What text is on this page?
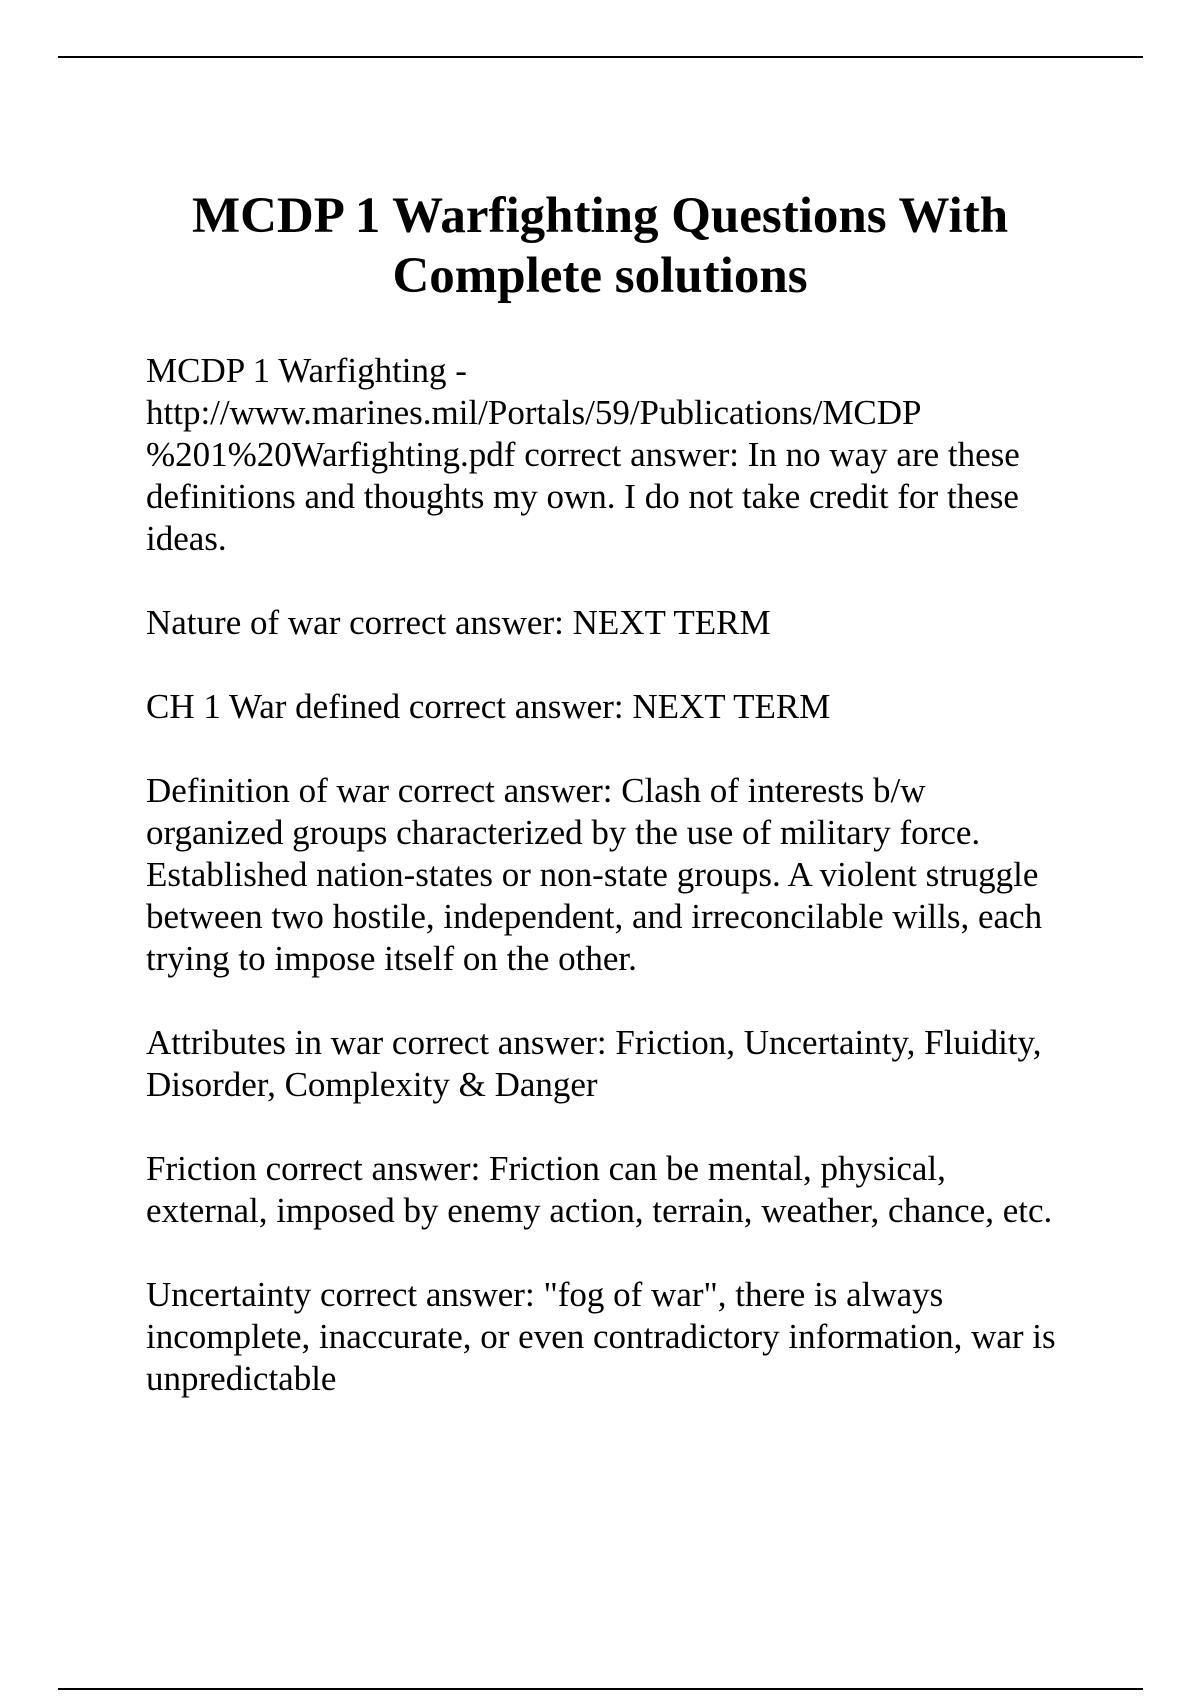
MCDP 1 Warfighting Questions With
Complete solutions

MCDP 1 Warfighting -
http://www.marines.mil/Portals/59/Publications/MCDP
%201%20Warfighting.pdf correct answer: In no way are these
definitions and thoughts my own. I do not take credit for these
ideas.

Nature of war correct answer: NEXT TERM

CH 1 War defined correct answer: NEXT TERM

Definition of war correct answer: Clash of interests b/w
organized groups characterized by the use of military force.
Established nation-states or non-state groups. A violent struggle
between two hostile, independent, and irreconcilable wills, each
trying to impose itself on the other.

Attributes in war correct answer: Friction, Uncertainty, Fluidity,
Disorder, Complexity & Danger

Friction correct answer: Friction can be mental, physical,
external, imposed by enemy action, terrain, weather, chance, etc.

Uncertainty correct answer: "fog of war", there is always
incomplete, inaccurate, or even contradictory information, war is
unpredictable
